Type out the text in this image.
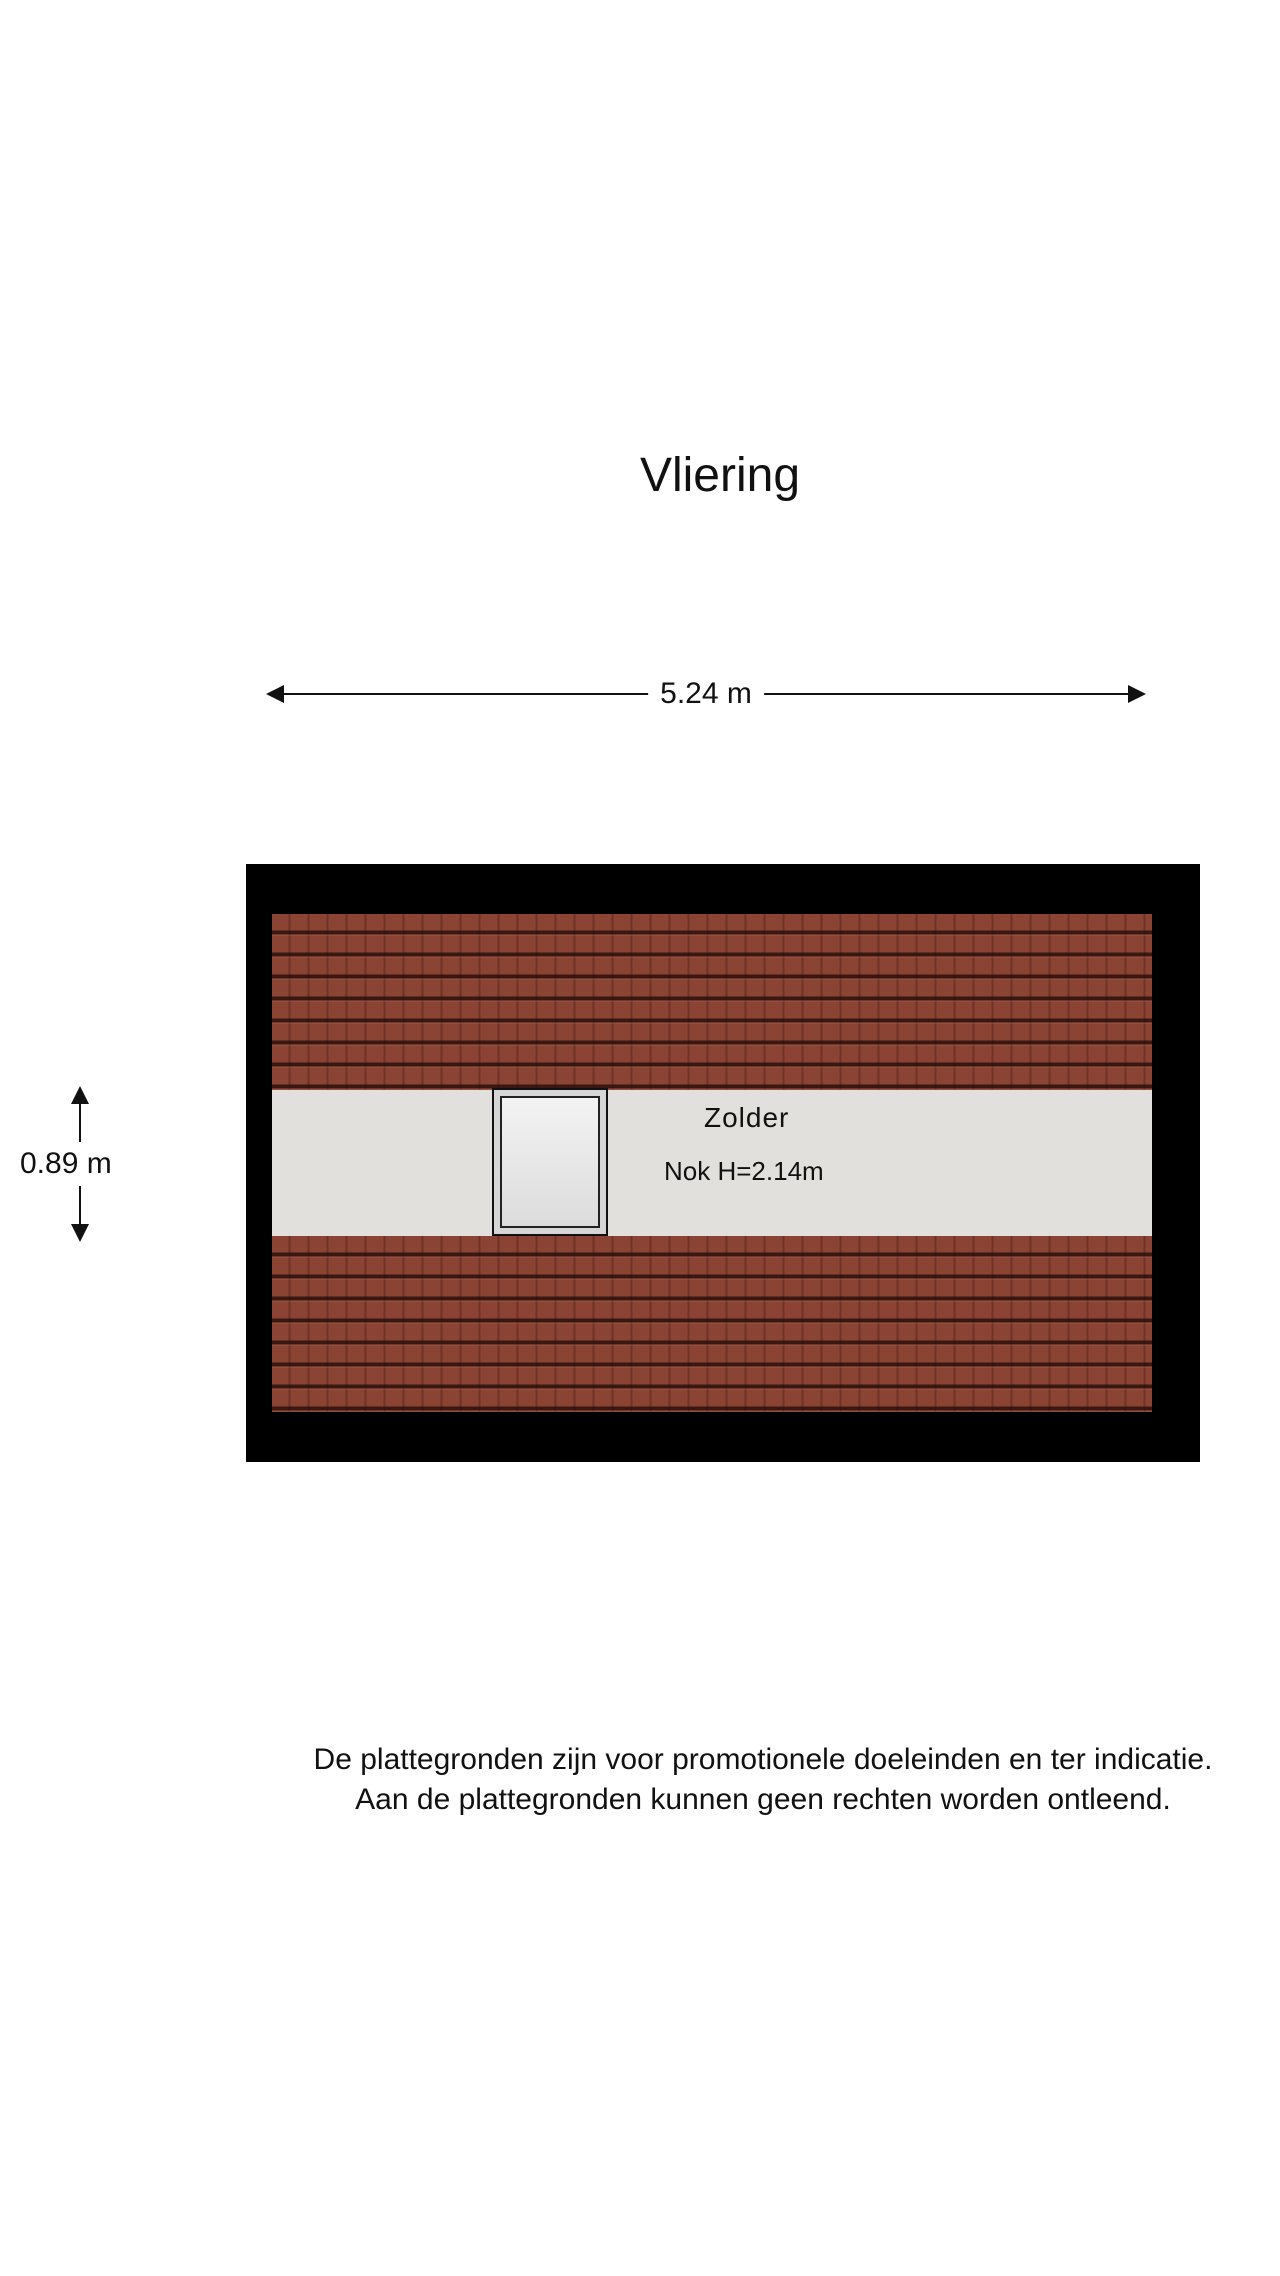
Vliering
5.24 m
0.89 m
Zolder
Nok H=2.14m
De plattegronden zijn voor promotionele doeleinden en ter indicatie.
Aan de plattegronden kunnen geen rechten worden ontleend.
